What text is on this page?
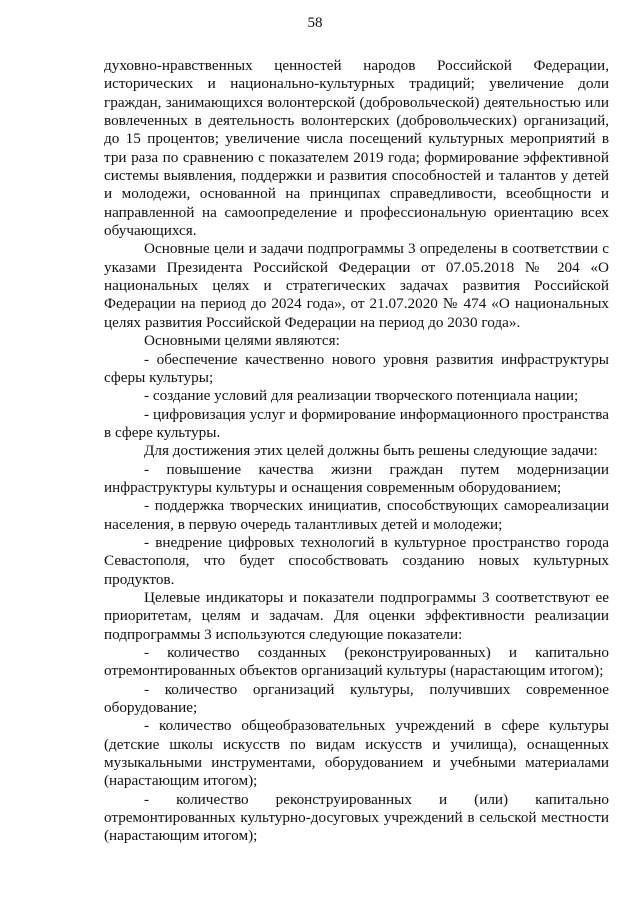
58

духовно-нравственных ценностей народов Российской Федерации, исторических и национально-культурных традиций; увеличение доли граждан, занимающихся волонтерской (добровольческой) деятельностью или вовлеченных в деятельность волонтерских (добровольческих) организаций, до 15 процентов; увеличение числа посещений культурных мероприятий в три раза по сравнению с показателем 2019 года; формирование эффективной системы выявления, поддержки и развития способностей и талантов у детей и молодежи, основанной на принципах справедливости, всеобщности и направленной на самоопределение и профессиональную ориентацию всех обучающихся.

Основные цели и задачи подпрограммы 3 определены в соответствии с указами Президента Российской Федерации от 07.05.2018 № 204 «О национальных целях и стратегических задачах развития Российской Федерации на период до 2024 года», от 21.07.2020 № 474 «О национальных целях развития Российской Федерации на период до 2030 года».

Основными целями являются:

- обеспечение качественно нового уровня развития инфраструктуры сферы культуры;

- создание условий для реализации творческого потенциала нации;

- цифровизация услуг и формирование информационного пространства в сфере культуры.

Для достижения этих целей должны быть решены следующие задачи:

- повышение качества жизни граждан путем модернизации инфраструктуры культуры и оснащения современным оборудованием;

- поддержка творческих инициатив, способствующих самореализации населения, в первую очередь талантливых детей и молодежи;

- внедрение цифровых технологий в культурное пространство города Севастополя, что будет способствовать созданию новых культурных продуктов.

Целевые индикаторы и показатели подпрограммы 3 соответствуют ее приоритетам, целям и задачам. Для оценки эффективности реализации подпрограммы 3 используются следующие показатели:

- количество созданных (реконструированных) и капитально отремонтированных объектов организаций культуры (нарастающим итогом);

- количество организаций культуры, получивших современное оборудование;

- количество общеобразовательных учреждений в сфере культуры (детские школы искусств по видам искусств и училища), оснащенных музыкальными инструментами, оборудованием и учебными материалами (нарастающим итогом);

- количество реконструированных и (или) капитально отремонтированных культурно-досуговых учреждений в сельской местности (нарастающим итогом);
